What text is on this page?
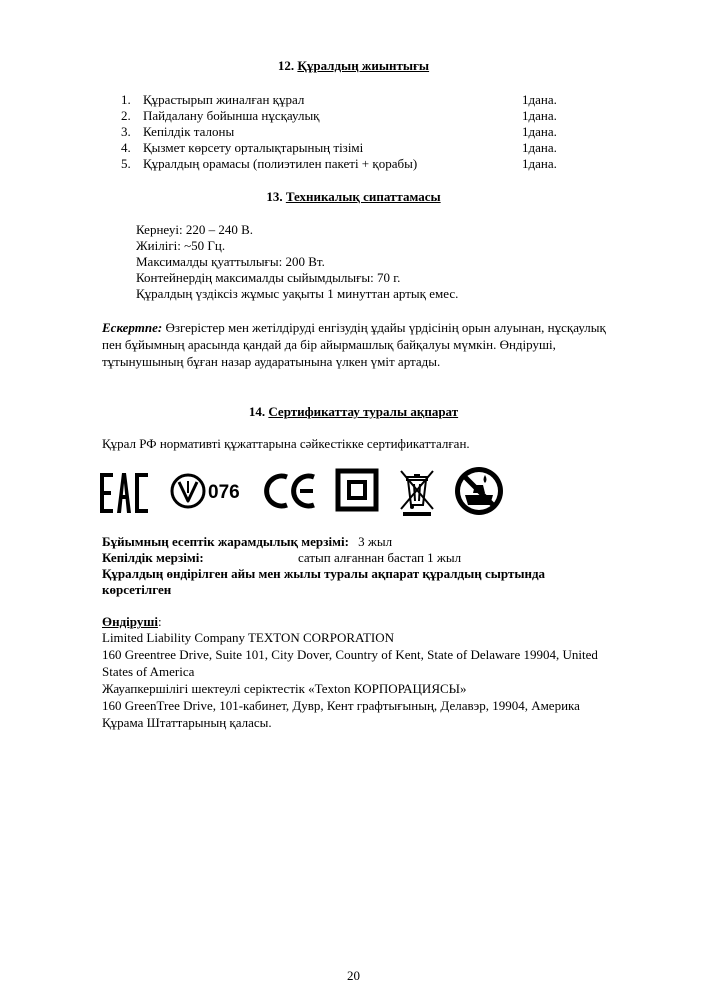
12. Құралдың жиынтығы
1. Құрастырып жиналған құрал	1дана.
2. Пайдалану бойынша нұсқаулық	1дана.
3. Кепілдік талоны	1дана.
4. Қызмет көрсету орталықтарының тізімі	1дана.
5. Құралдың орамасы (полиэтилен пакеті + қорабы)	1дана.
13. Техникалық сипаттамасы
Кернеуі: 220 – 240 В.
Жиілігі: ~50 Гц.
Максималды қуаттылығы: 200 Вт.
Контейнердің максималды сыйымдылығы: 70 г.
Құралдың үздіксіз жұмыс уақыты 1 минуттан артық емес.
Ескертпе: Өзгерістер мен жетілдіруді енгізудің ұдайы үрдісінің орын алуынан, нұсқаулық
пен бұйымның арасында қандай да бір айырмашлық байқалуы мүмкін. Өндіруші,
тұтынушының бұған назар аударатынына үлкен үміт артады.
14. Сертификаттау туралы ақпарат
Құрал РФ нормативті құжаттарына сәйкестікке сертификатталған.
076
Бұйымның есептік жарамдылық мерзімі: 3 жыл
Кепілдік мерзімі:	сатып алғаннан бастап 1 жыл
Құралдың өндірілген айы мен жылы туралы ақпарат құралдың сыртында
көрсетілген
Өндіруші:
Limited Liability Company TEXTON CORPORATION
160 Greentree Drive, Suite 101, City Dover, Country of Kent, State of Delaware 19904, United
States of America
Жауапкершілігі шектеулі серіктестік «Texton КОРПОРАЦИЯСЫ»
160 GreenTree Drive, 101-кабинет, Дувр, Кент графтығының, Делавэр, 19904, Америка
Құрама Штаттарының қаласы.
20
